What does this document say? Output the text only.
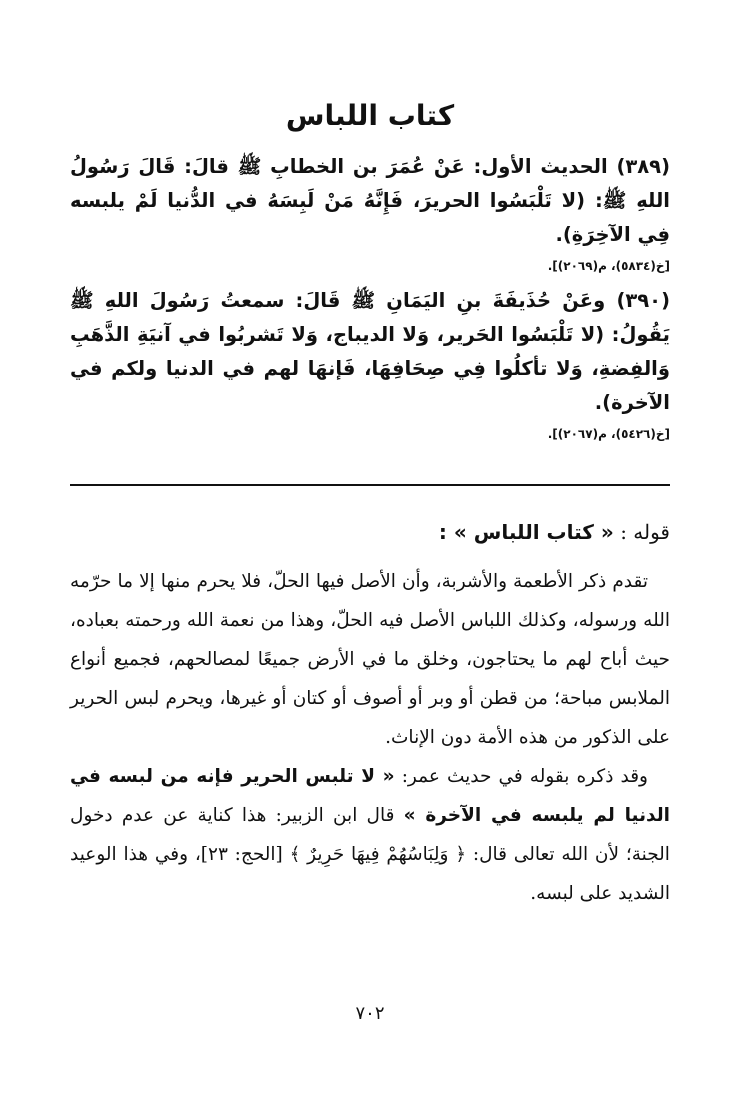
كتاب اللباس

(٣٨٩) الحديث الأول: عَنْ عُمَرَ بن الخطابِ ﷺ قالَ: قَالَ رَسُولُ اللهِ ﷺ: (لا تَلْبَسُوا الحريرَ، فَإِنَّهُ مَنْ لَبِسَهُ في الدُّنيا لَمْ يلبسه فِي الآخِرَةِ).

[خ(٥٨٣٤)، م(٢٠٦٩)].

(٣٩٠) وعَنْ حُذَيفَةَ بنِ اليَمَانِ ﷺ قَالَ: سمعتُ رَسُولَ اللهِ ﷺ يَقُولُ: (لا تَلْبَسُوا الحَرير، وَلا الديباج، وَلا تَشربُوا في آنيَةِ الذَّهَبِ وَالفِضةِ، وَلا تأكلُوا فِي صِحَافِهَا، فَإنهَا لهم في الدنيا ولكم في الآخرة).

[خ(٥٤٢٦)، م(٢٠٦٧)].

قوله : « كتاب اللباس » :

تقدم ذكر الأطعمة والأشربة، وأن الأصل فيها الحلّ، فلا يحرم منها إلا ما حرّمه الله ورسوله، وكذلك اللباس الأصل فيه الحلّ، وهذا من نعمة الله ورحمته بعباده، حيث أباح لهم ما يحتاجون، وخلق ما في الأرض جميعًا لمصالحهم، فجميع أنواع الملابس مباحة؛ من قطن أو وبر أو أصوف أو كتان أو غيرها، ويحرم لبس الحرير على الذكور من هذه الأمة دون الإناث.

وقد ذكره بقوله في حديث عمر: « لا تلبس الحرير فإنه من لبسه في الدنيا لم يلبسه في الآخرة » قال ابن الزبير: هذا كناية عن عدم دخول الجنة؛ لأن الله تعالى قال: ﴿ وَلِبَاسُهُمْ فِيهَا حَرِيرٌ ﴾ [الحج: ٢٣]، وفي هذا الوعيد الشديد على لبسه.

٧٠٢
